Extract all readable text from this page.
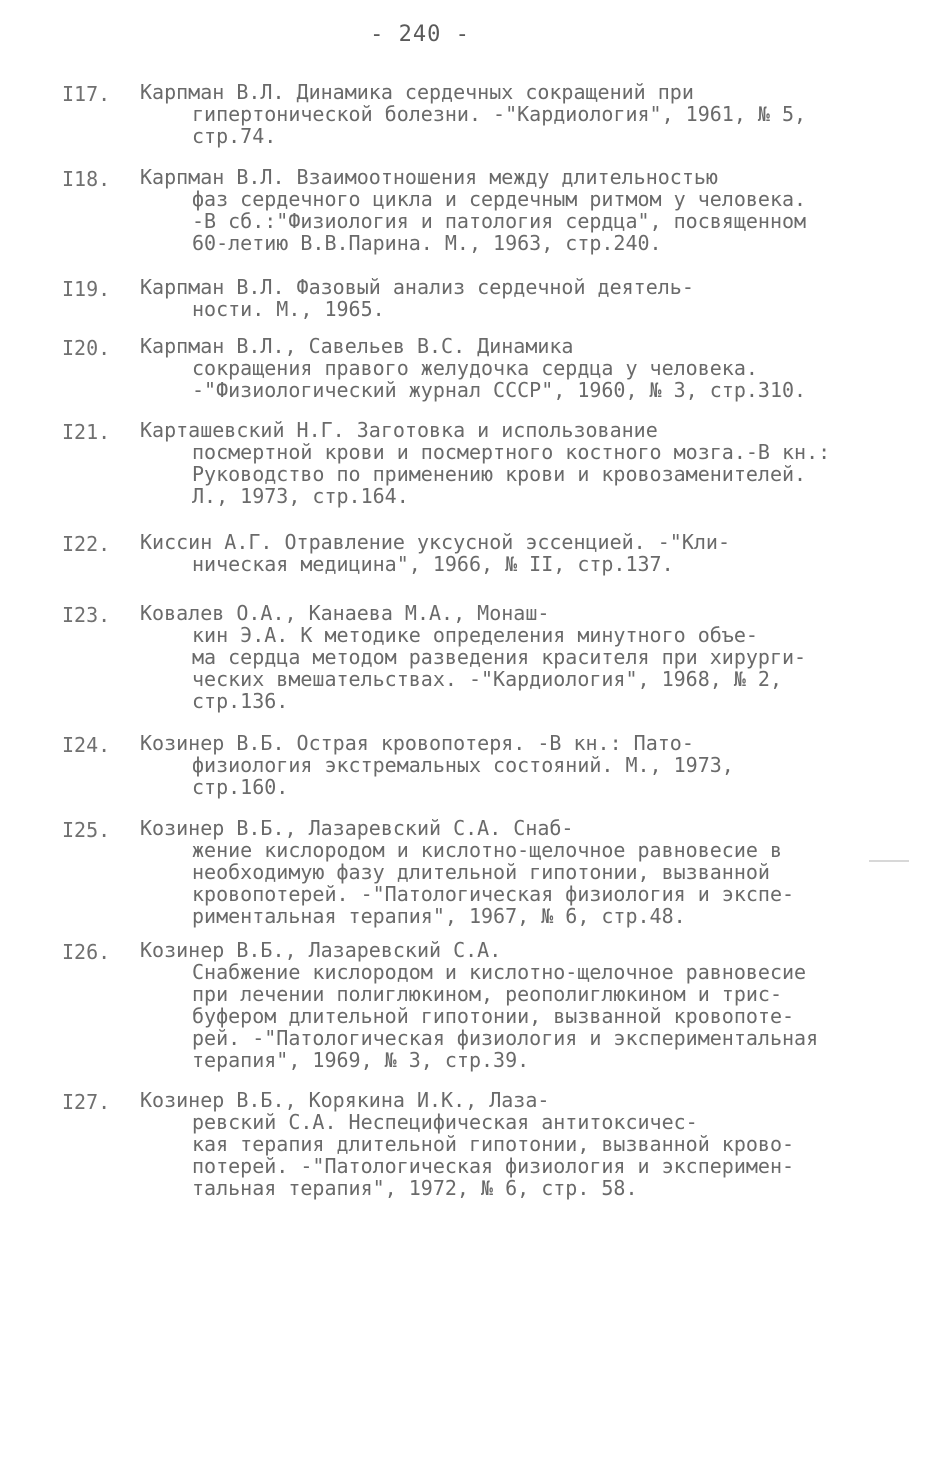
- 240 -
I17. Карпман В.Л. Динамика сердечных сокращений при
гипертонической болезни. -"Кардиология", 1961, № 5,
стр.74.
I18. Карпман В.Л. Взаимоотношения между длительностью
фаз сердечного цикла и сердечным ритмом у человека.
-В сб.:"Физиология и патология сердца", посвященном
60-летию В.В.Парина. М., 1963, стр.240.
I19. Карпман В.Л. Фазовый анализ сердечной деятель-
ности. М., 1965.
I20. Карпман В.Л., Савельев В.С. Динамика
сокращения правого желудочка сердца у человека.
-"Физиологический журнал СССР", 1960, № 3, стр.310.
I21. Карташевский Н.Г. Заготовка и использование
посмертной крови и посмертного костного мозга.-В кн.:
Руководство по применению крови и кровозаменителей.
Л., 1973, стр.164.
I22. Киссин А.Г. Отравление уксусной эссенцией. -"Кли-
ническая медицина", 1966, № II, стр.137.
I23. Ковалев О.А., Канаева М.А., Монаш-
кин Э.А. К методике определения минутного объе-
ма сердца методом разведения красителя при хирурги-
ческих вмешательствах. -"Кардиология", 1968, № 2,
стр.136.
I24. Козинер В.Б. Острая кровопотеря. -В кн.: Пато-
физиология экстремальных состояний. М., 1973,
стр.160.
I25. Козинер В.Б., Лазаревский С.А. Снаб-
жение кислородом и кислотно-щелочное равновесие в
необходимую фазу длительной гипотонии, вызванной
кровопотерей. -"Патологическая физиология и экспе-
риментальная терапия", 1967, № 6, стр.48.
I26. Козинер В.Б., Лазаревский С.А.
Снабжение кислородом и кислотно-щелочное равновесие
при лечении полиглюкином, реополиглюкином и трис-
буфером длительной гипотонии, вызванной кровопоте-
рей. -"Патологическая физиология и экспериментальная
терапия", 1969, № 3, стр.39.
I27. Козинер В.Б., Корякина И.К., Лаза-
ревский С.А. Неспецифическая антитоксичес-
кая терапия длительной гипотонии, вызванной крово-
потерей. -"Патологическая физиология и эксперимен-
тальная терапия", 1972, № 6, стр. 58.
